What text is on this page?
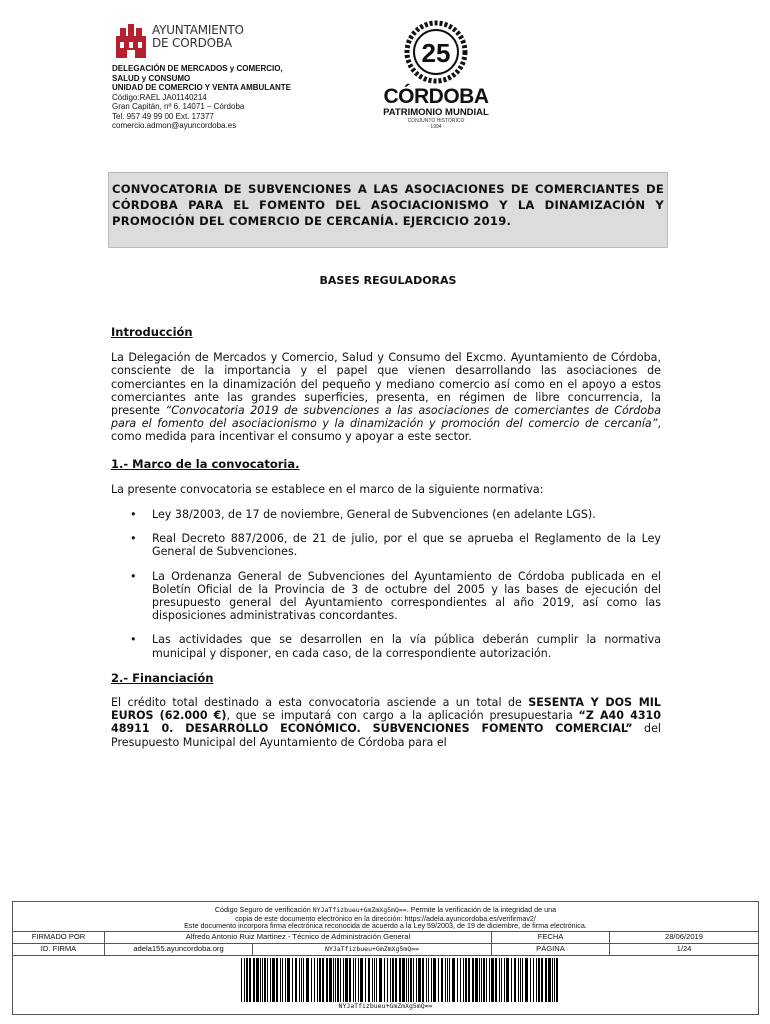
AYUNTAMIENTO
DE CORDOBA
DELEGACIÓN DE MERCADOS y COMERCIO,
SALUD y CONSUMO
UNIDAD DE COMERCIO Y VENTA AMBULANTE
Código:RAEL JA01140214
Gran Capitán, nº 6. 14071 – Córdoba
Tel. 957 49 99 00 Ext. 17377
comercio.admon@ayuncordoba.es
25
CÓRDOBA
PATRIMONIO MUNDIAL
CONJUNTO HISTÓRICO
· 1994 ·

CONVOCATORIA DE SUBVENCIONES A LAS ASOCIACIONES DE COMERCIANTES DE CÓRDOBA PARA EL FOMENTO DEL ASOCIACIONISMO Y LA DINAMIZACIÓN Y PROMOCIÓN DEL COMERCIO DE CERCANÍA. EJERCICIO 2019.

BASES REGULADORAS
Introducción

La Delegación de Mercados y Comercio, Salud y Consumo del Excmo. Ayuntamiento de Córdoba, consciente de la importancia y el papel que vienen desarrollando las asociaciones de comerciantes en la dinamización del pequeño y mediano comercio así como en el apoyo a estos comerciantes ante las grandes superficies, presenta, en régimen de libre concurrencia, la presente “Convocatoria 2019 de subvenciones a las asociaciones de comerciantes de Córdoba para el fomento del asociacionismo y la dinamización y promoción del comercio de cercanía”, como medida para incentivar el consumo y apoyar a este sector.

1.- Marco de la convocatoria.

La presente convocatoria se establece en el marco de la siguiente normativa:

• Ley 38/2003, de 17 de noviembre, General de Subvenciones (en adelante LGS).
• Real Decreto 887/2006, de 21 de julio, por el que se aprueba el Reglamento de la Ley General de Subvenciones.
• La Ordenanza General de Subvenciones del Ayuntamiento de Córdoba publicada en el Boletín Oficial de la Provincia de 3 de octubre del 2005 y las bases de ejecución del presupuesto general del Ayuntamiento correspondientes al año 2019, así como las disposiciones administrativas concordantes.
• Las actividades que se desarrollen en la vía pública deberán cumplir la normativa municipal y disponer, en cada caso, de la correspondiente autorización.
2.- Financiación

El crédito total destinado a esta convocatoria asciende a un total de SESENTA Y DOS MIL EUROS (62.000 €), que se imputará con cargo a la aplicación presupuestaria “Z A40 4310 48911 0. DESARROLLO ECONÓMICO. SUBVENCIONES FOMENTO COMERCIAL” del Presupuesto Municipal del Ayuntamiento de Córdoba para el

Código Seguro de verificación NYJaTfizbueu+GmZmXg5mQ==. Permite la verificación de la integridad de una
copia de este documento electrónico en la dirección: https://adela.ayuncordoba.es/verifirmav2/
Este documento incorpora firma electrónica reconocida de acuerdo a la Ley 59/2003, de 19 de diciembre, de firma electrónica.
FIRMADO POR	Alfredo Antonio Ruiz Martinez - Técnico de Administración General	FECHA	28/06/2019
ID. FIRMA	adela155.ayuncordoba.org	NYJaTfizbueu+GmZmXg5mQ==	PÁGINA	1/24
NYJaTfizbueu+GmZmXg5mQ==
